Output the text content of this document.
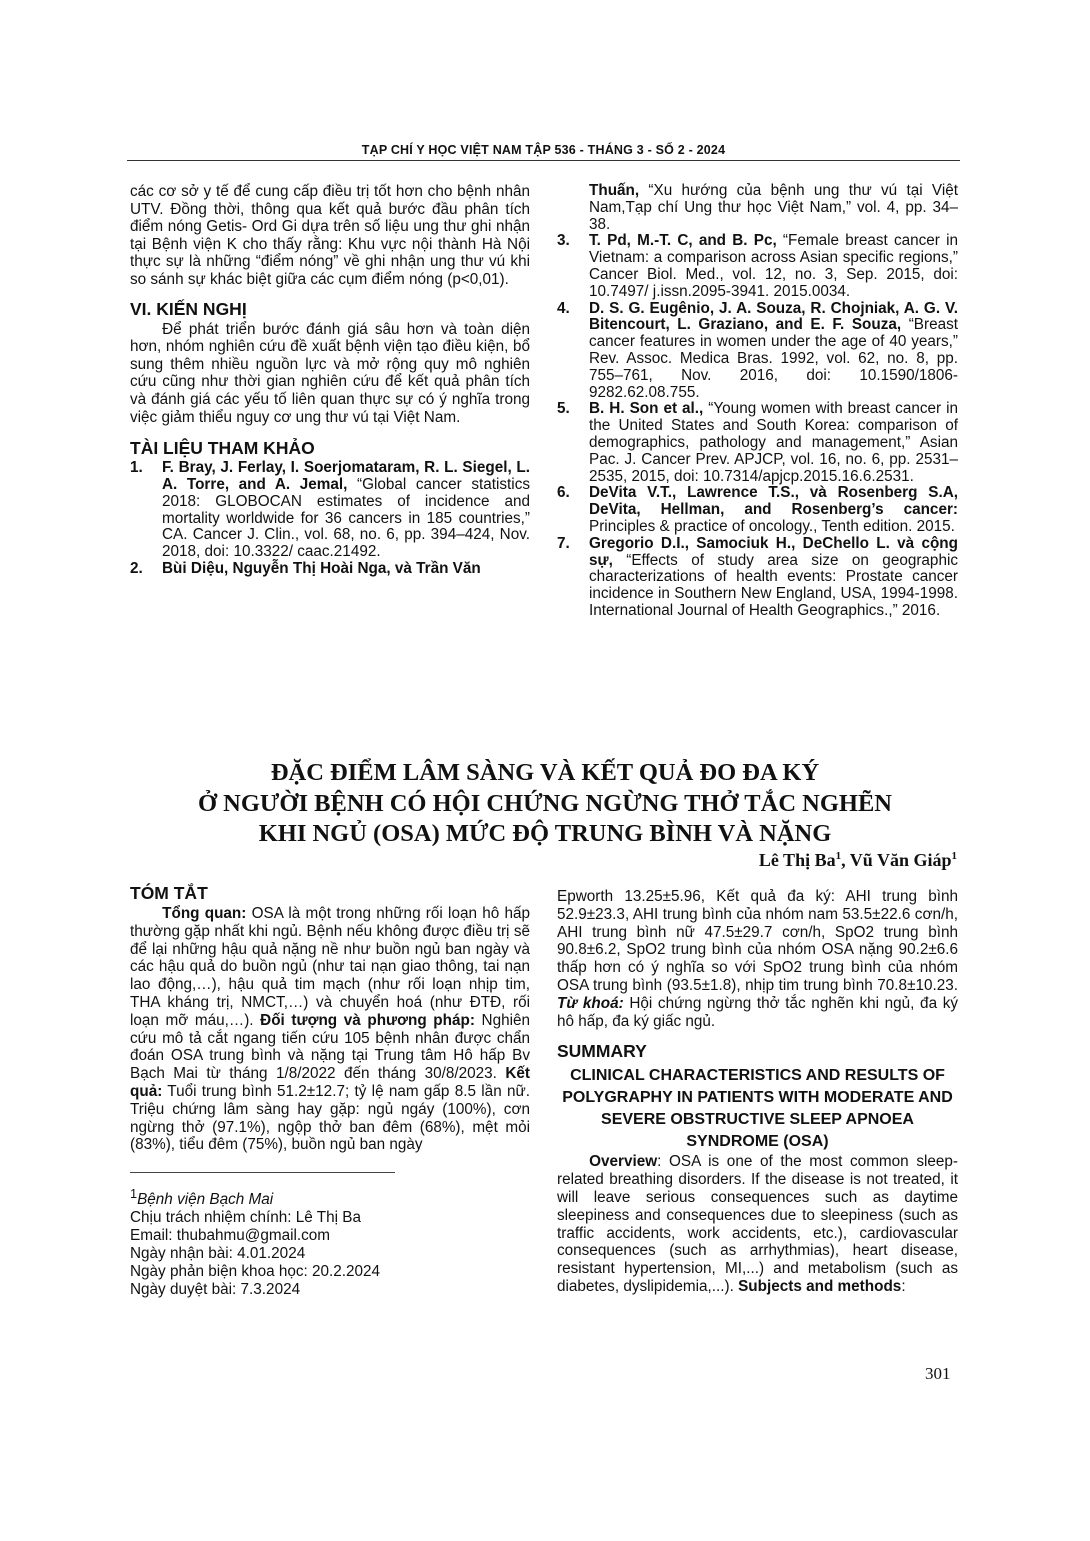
TẠP CHÍ Y HỌC VIỆT NAM TẬP 536 - THÁNG 3 - SỐ 2 - 2024

các cơ sở y tế để cung cấp điều trị tốt hơn cho bệnh nhân UTV. Đồng thời, thông qua kết quả bước đầu phân tích điểm nóng Getis- Ord Gi dựa trên số liệu ung thư ghi nhận tại Bệnh viện K cho thấy rằng: Khu vực nội thành Hà Nội thực sự là những “điểm nóng” về ghi nhận ung thư vú khi so sánh sự khác biệt giữa các cụm điểm nóng (p<0,01).

VI. KIẾN NGHỊ

Để phát triển bước đánh giá sâu hơn và toàn diện hơn, nhóm nghiên cứu đề xuất bệnh viện tạo điều kiện, bổ sung thêm nhiều nguồn lực và mở rộng quy mô nghiên cứu cũng như thời gian nghiên cứu để kết quả phân tích và đánh giá các yếu tố liên quan thực sự có ý nghĩa trong việc giảm thiểu nguy cơ ung thư vú tại Việt Nam.

TÀI LIỆU THAM KHẢO
1. F. Bray, J. Ferlay, I. Soerjomataram, R. L. Siegel, L. A. Torre, and A. Jemal, “Global cancer statistics 2018: GLOBOCAN estimates of incidence and mortality worldwide for 36 cancers in 185 countries,” CA. Cancer J. Clin., vol. 68, no. 6, pp. 394–424, Nov. 2018, doi: 10.3322/ caac.21492.
2. Bùi Diệu, Nguyễn Thị Hoài Nga, và Trần Văn
Thuấn, “Xu hướng của bệnh ung thư vú tại Việt Nam,Tạp chí Ung thư học Việt Nam,” vol. 4, pp. 34–38.
3. T. Pd, M.-T. C, and B. Pc, “Female breast cancer in Vietnam: a comparison across Asian specific regions,” Cancer Biol. Med., vol. 12, no. 3, Sep. 2015, doi: 10.7497/ j.issn.2095-3941. 2015.0034.
4. D. S. G. Eugênio, J. A. Souza, R. Chojniak, A. G. V. Bitencourt, L. Graziano, and E. F. Souza, “Breast cancer features in women under the age of 40 years,” Rev. Assoc. Medica Bras. 1992, vol. 62, no. 8, pp. 755–761, Nov. 2016, doi: 10.1590/1806-9282.62.08.755.
5. B. H. Son et al., “Young women with breast cancer in the United States and South Korea: comparison of demographics, pathology and management,” Asian Pac. J. Cancer Prev. APJCP, vol. 16, no. 6, pp. 2531–2535, 2015, doi: 10.7314/apjcp.2015.16.6.2531.
6. DeVita V.T., Lawrence T.S., và Rosenberg S.A, DeVita, Hellman, and Rosenberg’s cancer: Principles & practice of oncology., Tenth edition. 2015.
7. Gregorio D.I., Samociuk H., DeChello L. và cộng sự, “Effects of study area size on geographic characterizations of health events: Prostate cancer incidence in Southern New England, USA, 1994-1998. International Journal of Health Geographics.,” 2016.
ĐẶC ĐIỂM LÂM SÀNG VÀ KẾT QUẢ ĐO ĐA KÝ
Ở NGƯỜI BỆNH CÓ HỘI CHỨNG NGỪNG THỞ TẮC NGHẼN
KHI NGỦ (OSA) MỨC ĐỘ TRUNG BÌNH VÀ NẶNG
Lê Thị Ba$^1$, Vũ Văn Giáp$^1$
TÓM TẮT

Tổng quan: OSA là một trong những rối loạn hô hấp thường gặp nhất khi ngủ. Bệnh nếu không được điều trị sẽ để lại những hậu quả nặng nề như buồn ngủ ban ngày và các hậu quả do buồn ngủ (như tai nạn giao thông, tai nạn lao động,…), hậu quả tim mạch (như rối loạn nhịp tim, THA kháng trị, NMCT,…) và chuyển hoá (như ĐTĐ, rối loạn mỡ máu,…). Đối tượng và phương pháp: Nghiên cứu mô tả cắt ngang tiến cứu 105 bệnh nhân được chẩn đoán OSA trung bình và nặng tại Trung tâm Hô hấp Bv Bạch Mai từ tháng 1/8/2022 đến tháng 30/8/2023. Kết quả: Tuổi trung bình 51.2±12.7; tỷ lệ nam gấp 8.5 lần nữ. Triệu chứng lâm sàng hay gặp: ngủ ngáy (100%), cơn ngừng thở (97.1%), ngộp thở ban đêm (68%), mệt mỏi (83%), tiểu đêm (75%), buồn ngủ ban ngày

$^1$Bệnh viện Bạch Mai
Chịu trách nhiệm chính: Lê Thị Ba
Email: thubahmu@gmail.com
Ngày nhận bài: 4.01.2024
Ngày phản biện khoa học: 20.2.2024
Ngày duyệt bài: 7.3.2024

Epworth 13.25±5.96, Kết quả đa ký: AHI trung bình 52.9±23.3, AHI trung bình của nhóm nam 53.5±22.6 cơn/h, AHI trung bình nữ 47.5±29.7 cơn/h, SpO2 trung bình 90.8±6.2, SpO2 trung bình của nhóm OSA nặng 90.2±6.6 thấp hơn có ý nghĩa so với SpO2 trung bình của nhóm OSA trung bình (93.5±1.8), nhịp tim trung bình 70.8±10.23. Từ khoá: Hội chứng ngừng thở tắc nghẽn khi ngủ, đa ký hô hấp, đa ký giấc ngủ.

SUMMARY
CLINICAL CHARACTERISTICS AND RESULTS OF POLYGRAPHY IN PATIENTS WITH MODERATE AND SEVERE OBSTRUCTIVE SLEEP APNOEA SYNDROME (OSA)

Overview: OSA is one of the most common sleep- related breathing disorders. If the disease is not treated, it will leave serious consequences such as daytime sleepiness and consequences due to sleepiness (such as traffic accidents, work accidents, etc.), cardiovascular consequences (such as arrhythmias), heart disease, resistant hypertension, MI,...) and metabolism (such as diabetes, dyslipidemia,...). Subjects and methods:

301
